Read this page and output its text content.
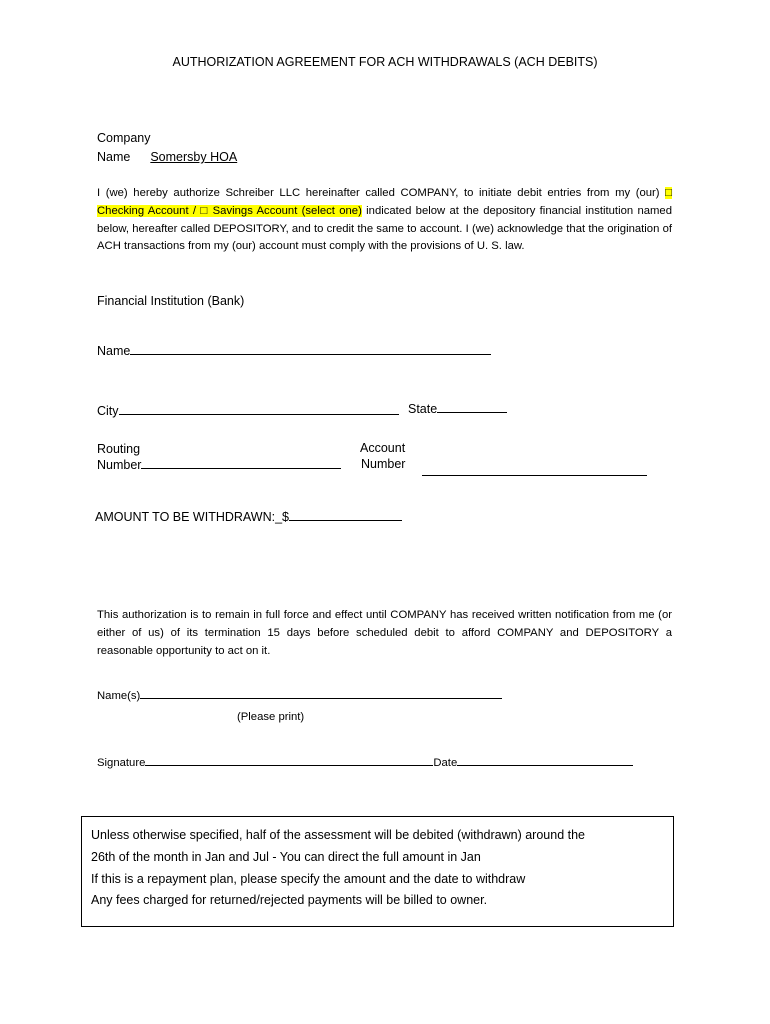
AUTHORIZATION AGREEMENT FOR ACH WITHDRAWALS (ACH DEBITS)
Company
Name Somersby HOA
I (we) hereby authorize Schreiber LLC hereinafter called COMPANY, to initiate debit entries from my (our) □ Checking Account / □ Savings Account (select one) indicated below at the depository financial institution named below, hereafter called DEPOSITORY, and to credit the same to account. I (we) acknowledge that the origination of ACH transactions from my (our) account must comply with the provisions of U. S. law.
Financial Institution (Bank)
Name
City	State
Routing
Number
Account
Number
AMOUNT TO BE WITHDRAWN:_$
This authorization is to remain in full force and effect until COMPANY has received written notification from me (or either of us) of its termination 15 days before scheduled debit to afford COMPANY and DEPOSITORY a reasonable opportunity to act on it.
Name(s)
(Please print)
Signature	Date
Unless otherwise specified, half of the assessment will be debited (withdrawn) around the
26th of the month in Jan and Jul - You can direct the full amount in Jan
If this is a repayment plan, please specify the amount and the date to withdraw
Any fees charged for returned/rejected payments will be billed to owner.
